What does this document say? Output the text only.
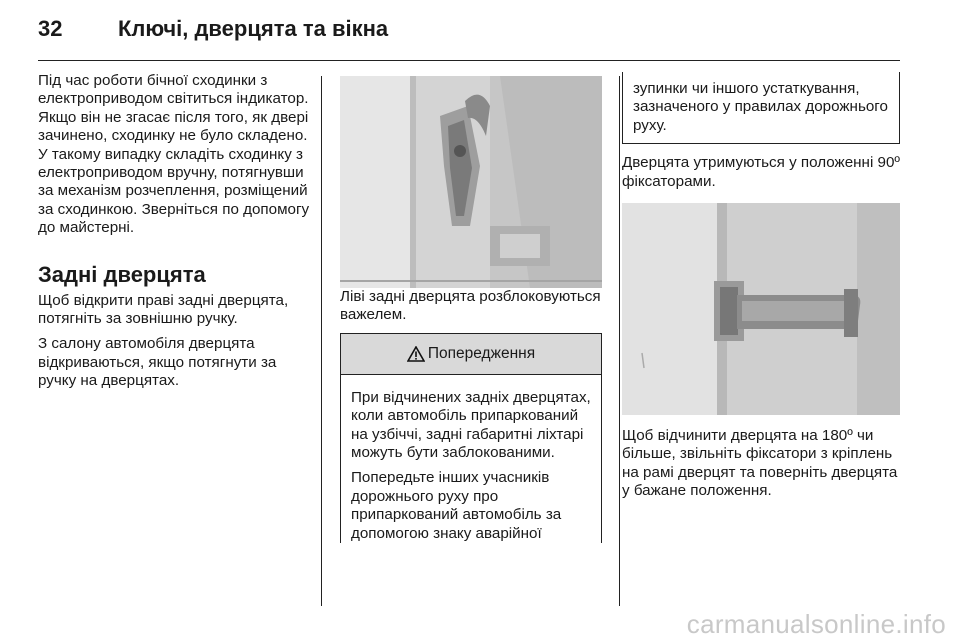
32	Ключі, дверцята та вікна

Під час роботи бічної сходинки з електроприводом світиться індикатор. Якщо він не згасає після того, як двері зачинено, сходинку не було складено. У такому випадку складіть сходинку з електроприводом вручну, потягнувши за механізм розчеплення, розміщений за сходинкою. Зверніться по допомогу до майстерні.

Задні дверцята

Щоб відкрити праві задні дверцята, потягніть за зовнішню ручку.

З салону автомобіля дверцята відкриваються, якщо потягнути за ручку на дверцятах.

Ліві задні дверцята розблоковуються важелем.

Попередження

При відчинених задніх дверцятах, коли автомобіль припаркований на узбіччі, задні габаритні ліхтарі можуть бути заблокованими.

Попередьте інших учасників дорожнього руху про припаркований автомобіль за допомогою знаку аварійної

зупинки чи іншого устаткування, зазначеного у правилах дорожнього руху.

Дверцята утримуються у положенні 90º фіксаторами.

Щоб відчинити дверцята на 180º чи більше, звільніть фіксатори з кріплень на рамі дверцят та поверніть дверцята у бажане положення.

carmanualsonline.info
